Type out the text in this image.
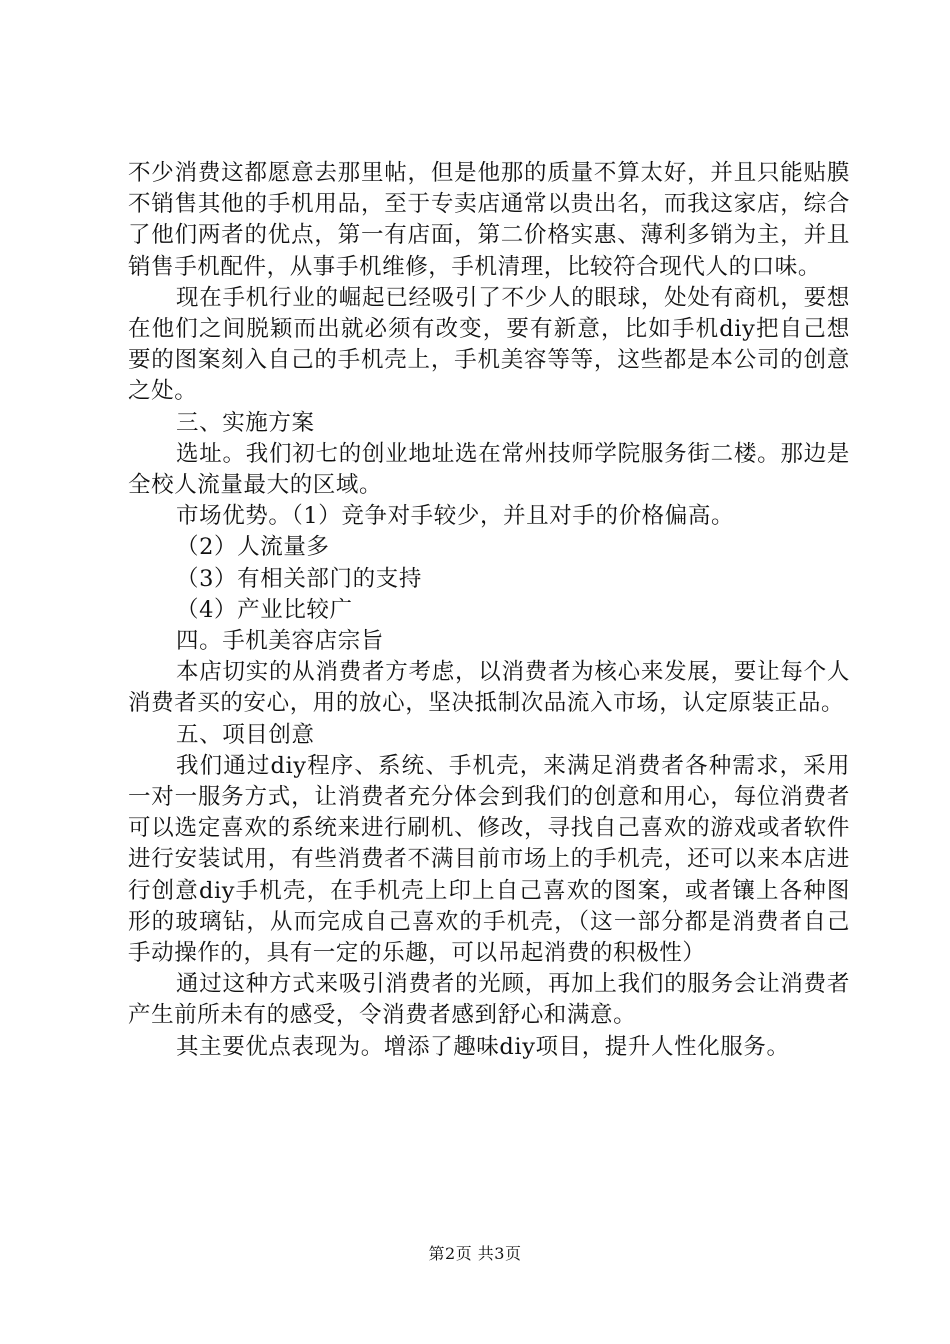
不少消费这都愿意去那里帖，但是他那的质量不算太好，并且只能贴膜不销售其他的手机用品，至于专卖店通常以贵出名，而我这家店，综合了他们两者的优点，第一有店面，第二价格实惠、薄利多销为主，并且销售手机配件，从事手机维修，手机清理，比较符合现代人的口味。

现在手机行业的崛起已经吸引了不少人的眼球，处处有商机，要想在他们之间脱颖而出就必须有改变，要有新意，比如手机diy把自己想要的图案刻入自己的手机壳上，手机美容等等，这些都是本公司的创意之处。

三、实施方案

选址。我们初七的创业地址选在常州技师学院服务街二楼。那边是全校人流量最大的区域。

市场优势。（1）竞争对手较少，并且对手的价格偏高。

（2）人流量多

（3）有相关部门的支持

（4）产业比较广

四。手机美容店宗旨

本店切实的从消费者方考虑，以消费者为核心来发展，要让每个人消费者买的安心，用的放心，坚决抵制次品流入市场，认定原装正品。

五、项目创意

我们通过diy程序、系统、手机壳，来满足消费者各种需求，采用一对一服务方式，让消费者充分体会到我们的创意和用心，每位消费者可以选定喜欢的系统来进行刷机、修改，寻找自己喜欢的游戏或者软件进行安装试用，有些消费者不满目前市场上的手机壳，还可以来本店进行创意diy手机壳，在手机壳上印上自己喜欢的图案，或者镶上各种图形的玻璃钻，从而完成自己喜欢的手机壳，（这一部分都是消费者自己手动操作的，具有一定的乐趣，可以吊起消费的积极性）

通过这种方式来吸引消费者的光顾，再加上我们的服务会让消费者产生前所未有的感受，令消费者感到舒心和满意。

其主要优点表现为。增添了趣味diy项目，提升人性化服务。

第2页 共3页
